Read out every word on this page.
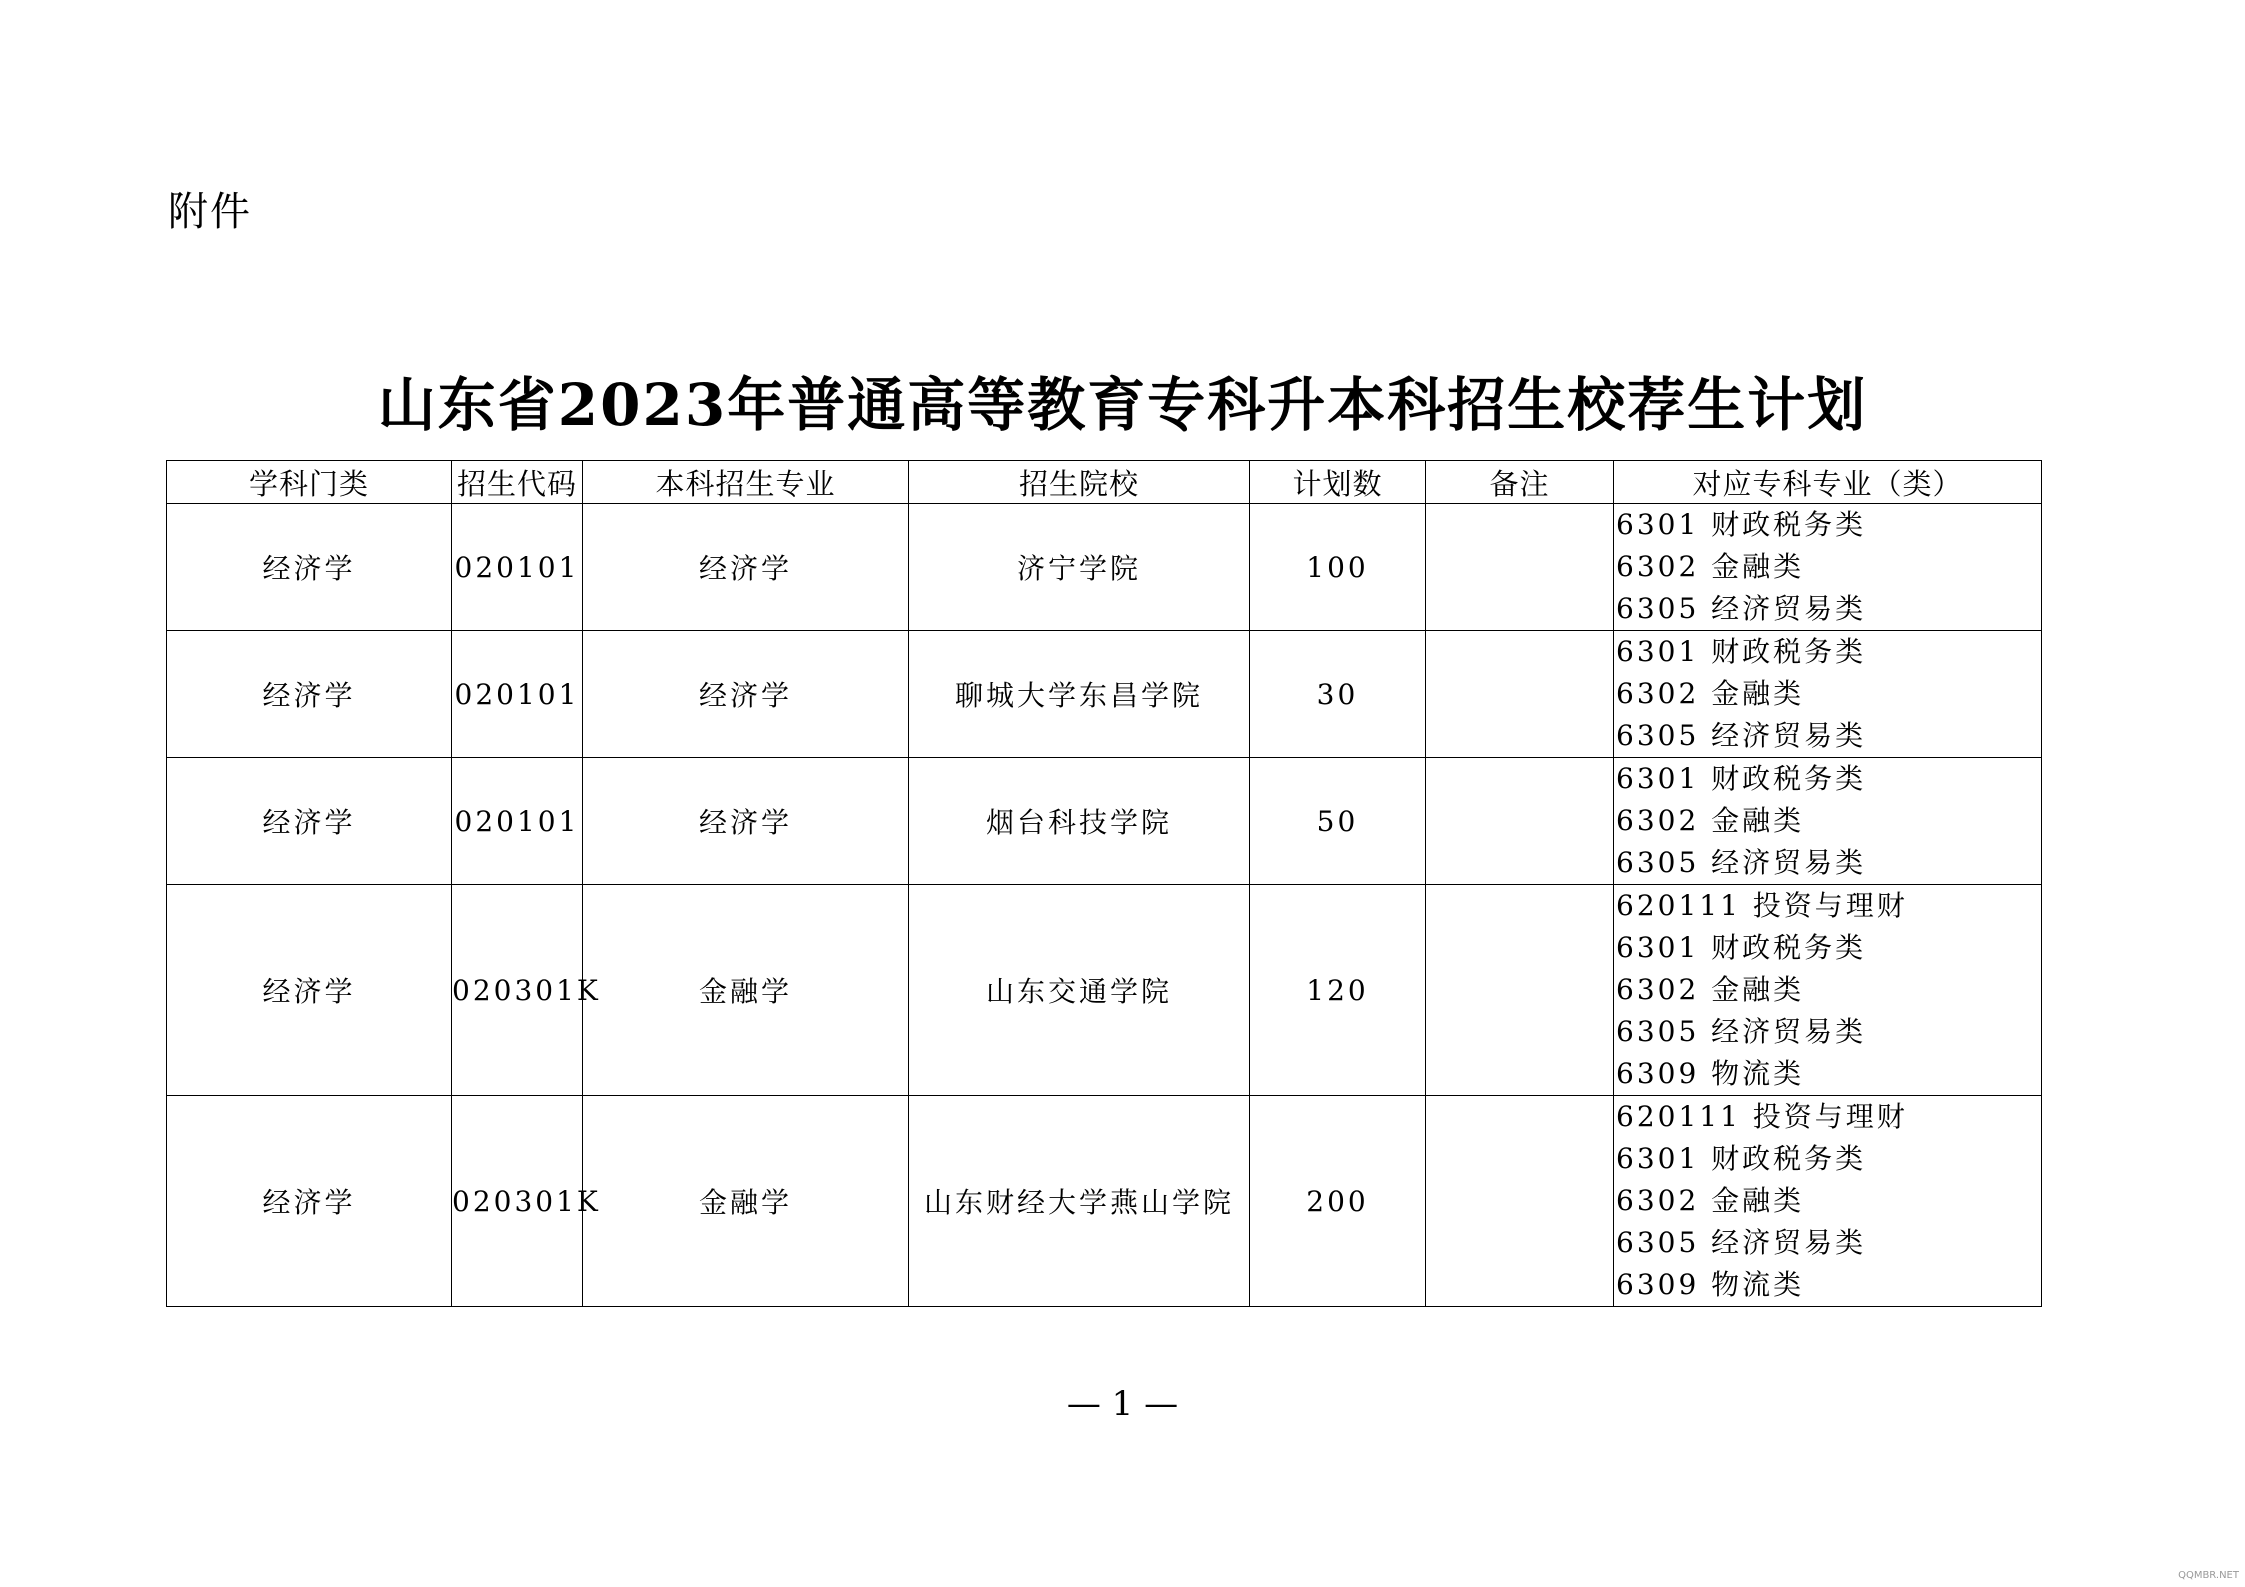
附件
山东省2023年普通高等教育专科升本科招生校荐生计划
学科门类	招生代码	本科招生专业	招生院校	计划数	备注	对应专科专业（类）
经济学	020101	经济学	济宁学院	100		6301 财政税务类
6302 金融类
6305 经济贸易类

经济学	020101	经济学	聊城大学东昌学院	30		6301 财政税务类
6302 金融类
6305 经济贸易类

经济学	020101	经济学	烟台科技学院	50		6301 财政税务类
6302 金融类
6305 经济贸易类

经济学	020301K	金融学	山东交通学院	120		620111 投资与理财
6301 财政税务类
6302 金融类
6305 经济贸易类
6309 物流类

经济学	020301K	金融学	山东财经大学燕山学院	200		620111 投资与理财
6301 财政税务类
6302 金融类
6305 经济贸易类
6309 物流类
— 1 —
QQMBR.NET
